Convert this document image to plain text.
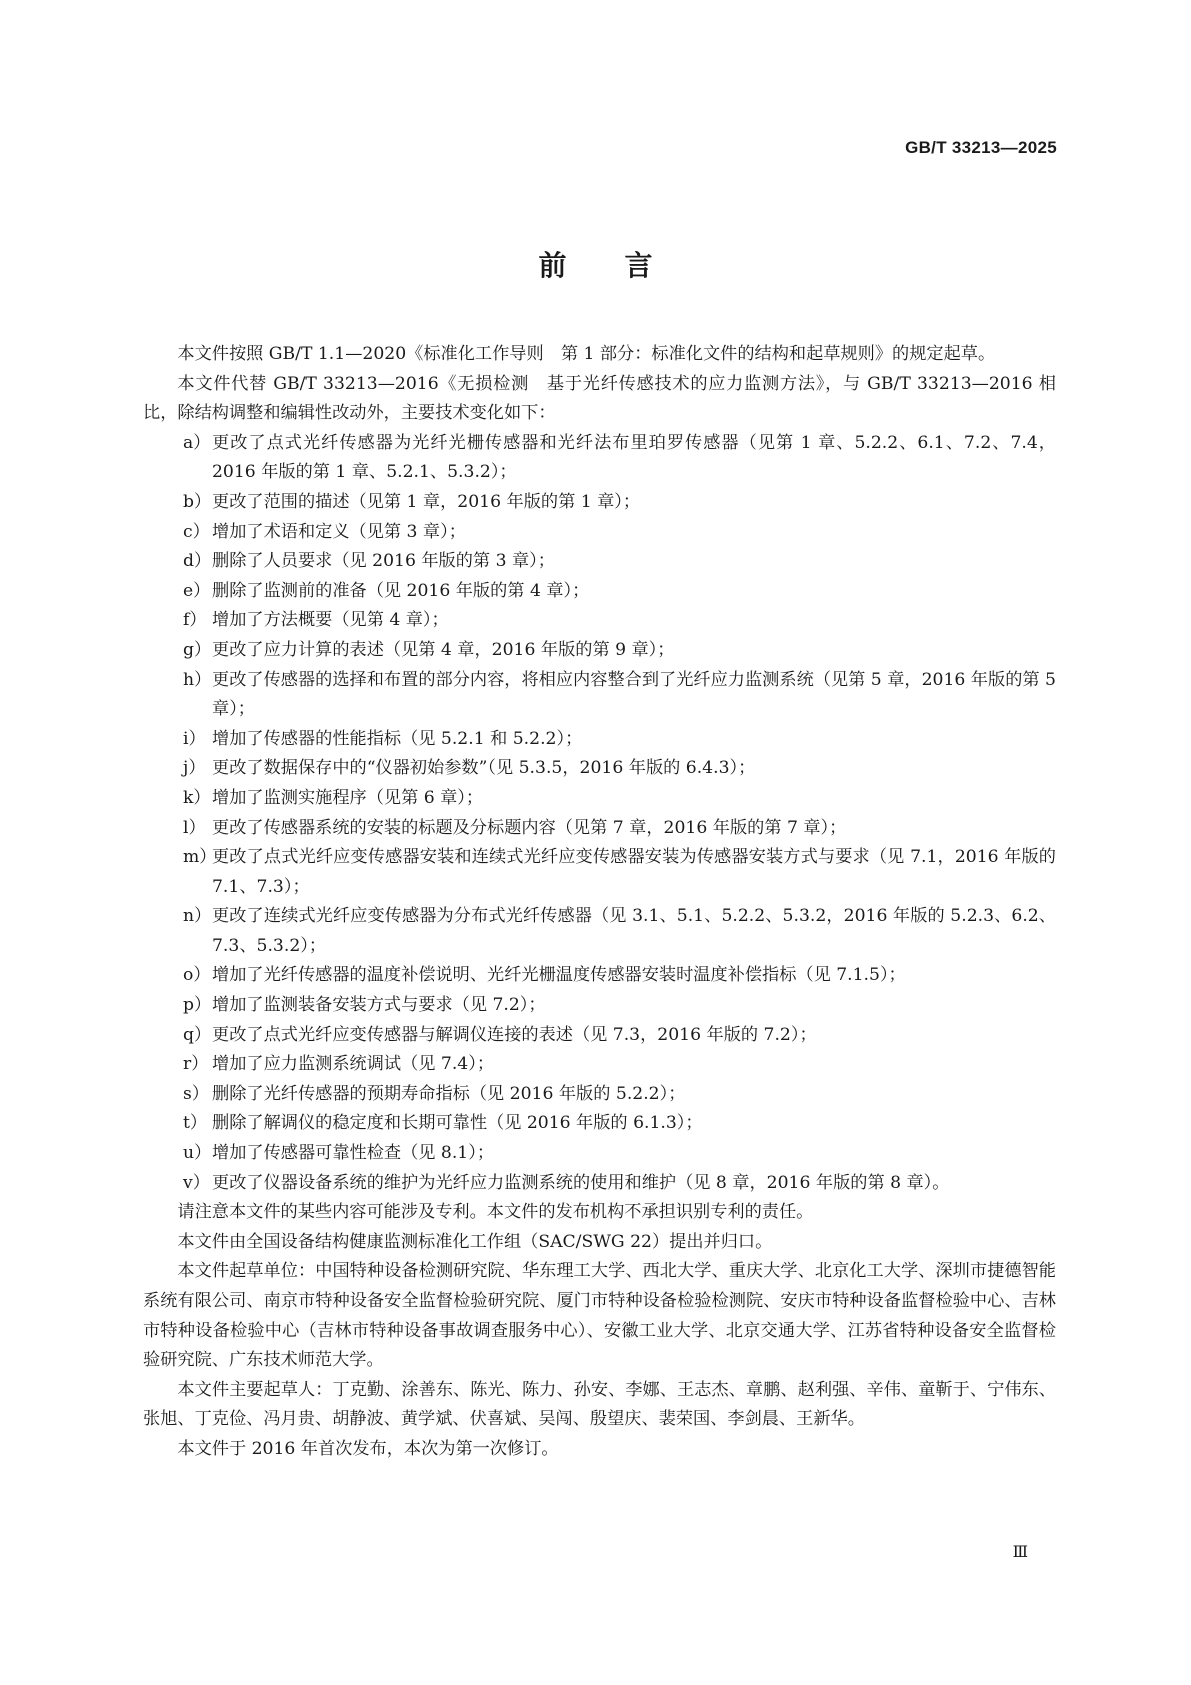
GB/T 33213—2025
前言

本文件按照 GB/T 1.1—2020《标准化工作导则　第 1 部分：标准化文件的结构和起草规则》的规定起草。

本文件代替 GB/T 33213—2016《无损检测　基于光纤传感技术的应力监测方法》，与 GB/T 33213—2016 相比，除结构调整和编辑性改动外，主要技术变化如下：

a） 更改了点式光纤传感器为光纤光栅传感器和光纤法布里珀罗传感器（见第 1 章、5.2.2、6.1、7.2、7.4，2016 年版的第 1 章、5.2.1、5.3.2）；
b） 更改了范围的描述（见第 1 章，2016 年版的第 1 章）；
c） 增加了术语和定义（见第 3 章）；
d） 删除了人员要求（见 2016 年版的第 3 章）；
e） 删除了监测前的准备（见 2016 年版的第 4 章）；
f） 增加了方法概要（见第 4 章）；
g） 更改了应力计算的表述（见第 4 章，2016 年版的第 9 章）；
h） 更改了传感器的选择和布置的部分内容，将相应内容整合到了光纤应力监测系统（见第 5 章，2016 年版的第 5 章）；
i） 增加了传感器的性能指标（见 5.2.1 和 5.2.2）；
j） 更改了数据保存中的“仪器初始参数”（见 5.3.5，2016 年版的 6.4.3）；
k） 增加了监测实施程序（见第 6 章）；
l） 更改了传感器系统的安装的标题及分标题内容（见第 7 章，2016 年版的第 7 章）；
m）
更改了点式光纤应变传感器安装和连续式光纤应变传感器安装为传感器安装方式与要求（见 7.1，2016 年版的 7.1、7.3）；
n） 更改了连续式光纤应变传感器为分布式光纤传感器（见 3.1、5.1、5.2.2、5.3.2，2016 年版的 5.2.3、6.2、7.3、5.3.2）；
o） 增加了光纤传感器的温度补偿说明、光纤光栅温度传感器安装时温度补偿指标（见 7.1.5）；
p） 增加了监测装备安装方式与要求（见 7.2）；
q） 更改了点式光纤应变传感器与解调仪连接的表述（见 7.3，2016 年版的 7.2）；
r） 增加了应力监测系统调试（见 7.4）；
s） 删除了光纤传感器的预期寿命指标（见 2016 年版的 5.2.2）；
t） 删除了解调仪的稳定度和长期可靠性（见 2016 年版的 6.1.3）；
u） 增加了传感器可靠性检查（见 8.1）；
v） 更改了仪器设备系统的维护为光纤应力监测系统的使用和维护（见 8 章，2016 年版的第 8 章）。

请注意本文件的某些内容可能涉及专利。本文件的发布机构不承担识别专利的责任。

本文件由全国设备结构健康监测标准化工作组（SAC/SWG 22）提出并归口。

本文件起草单位：中国特种设备检测研究院、华东理工大学、西北大学、重庆大学、北京化工大学、深圳市捷德智能系统有限公司、南京市特种设备安全监督检验研究院、厦门市特种设备检验检测院、安庆市特种设备监督检验中心、吉林市特种设备检验中心（吉林市特种设备事故调查服务中心）、安徽工业大学、北京交通大学、江苏省特种设备安全监督检验研究院、广东技术师范大学。

本文件主要起草人：丁克勤、涂善东、陈光、陈力、孙安、李娜、王志杰、章鹏、赵利强、辛伟、童靳于、宁伟东、张旭、丁克俭、冯月贵、胡静波、黄学斌、伏喜斌、吴闯、殷望庆、裴荣国、李剑晨、王新华。

本文件于 2016 年首次发布，本次为第一次修订。

Ⅲ
